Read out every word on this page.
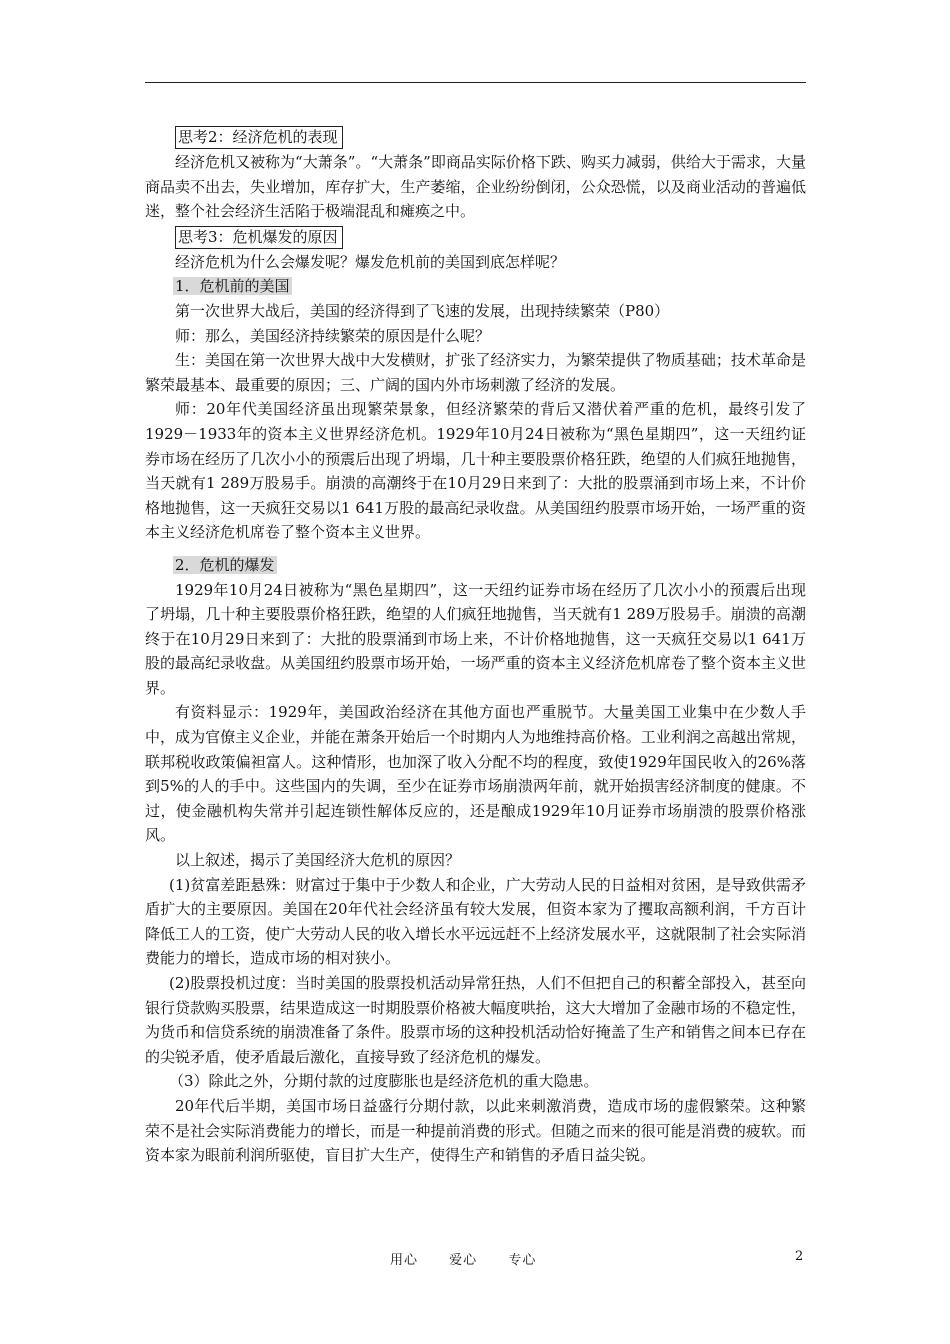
思考2：经济危机的表现

经济危机又被称为“大萧条”。“大萧条”即商品实际价格下跌、购买力减弱，供给大于需求，大量商品卖不出去，失业增加，库存扩大，生产萎缩，企业纷纷倒闭，公众恐慌，以及商业活动的普遍低迷，整个社会经济生活陷于极端混乱和瘫痪之中。

思考3：危机爆发的原因

经济危机为什么会爆发呢？爆发危机前的美国到底怎样呢？

1．危机前的美国

第一次世界大战后，美国的经济得到了飞速的发展，出现持续繁荣（P80）

师：那么，美国经济持续繁荣的原因是什么呢？

生：美国在第一次世界大战中大发横财，扩张了经济实力，为繁荣提供了物质基础；技术革命是繁荣最基本、最重要的原因；三、广阔的国内外市场刺激了经济的发展。

师：20年代美国经济虽出现繁荣景象，但经济繁荣的背后又潜伏着严重的危机，最终引发了1929－1933年的资本主义世界经济危机。1929年10月24日被称为“黑色星期四”，这一天纽约证券市场在经历了几次小小的预震后出现了坍塌，几十种主要股票价格狂跌，绝望的人们疯狂地抛售，当天就有1 289万股易手。崩溃的高潮终于在10月29日来到了：大批的股票涌到市场上来，不计价格地抛售，这一天疯狂交易以1 641万股的最高纪录收盘。从美国纽约股票市场开始，一场严重的资本主义经济危机席卷了整个资本主义世界。

2．危机的爆发

1929年10月24日被称为“黑色星期四”，这一天纽约证券市场在经历了几次小小的预震后出现了坍塌，几十种主要股票价格狂跌，绝望的人们疯狂地抛售，当天就有1 289万股易手。崩溃的高潮终于在10月29日来到了：大批的股票涌到市场上来，不计价格地抛售，这一天疯狂交易以1 641万股的最高纪录收盘。从美国纽约股票市场开始，一场严重的资本主义经济危机席卷了整个资本主义世界。

有资料显示：1929年，美国政治经济在其他方面也严重脱节。大量美国工业集中在少数人手中，成为官僚主义企业，并能在萧条开始后一个时期内人为地维持高价格。工业利润之高越出常规，联邦税收政策偏袒富人。这种情形，也加深了收入分配不均的程度，致使1929年国民收入的26%落到5%的人的手中。这些国内的失调，至少在证券市场崩溃两年前，就开始损害经济制度的健康。不过，使金融机构失常并引起连锁性解体反应的，还是酿成1929年10月证券市场崩溃的股票价格涨风。

以上叙述，揭示了美国经济大危机的原因？

(1)贫富差距悬殊：财富过于集中于少数人和企业，广大劳动人民的日益相对贫困，是导致供需矛盾扩大的主要原因。美国在20年代社会经济虽有较大发展，但资本家为了攫取高额利润，千方百计降低工人的工资，使广大劳动人民的收入增长水平远远赶不上经济发展水平，这就限制了社会实际消费能力的增长，造成市场的相对狭小。

(2)股票投机过度：当时美国的股票投机活动异常狂热，人们不但把自己的积蓄全部投入，甚至向银行贷款购买股票，结果造成这一时期股票价格被大幅度哄抬，这大大增加了金融市场的不稳定性，为货币和信贷系统的崩溃准备了条件。股票市场的这种投机活动恰好掩盖了生产和销售之间本已存在的尖锐矛盾，使矛盾最后激化，直接导致了经济危机的爆发。

（3）除此之外，分期付款的过度膨胀也是经济危机的重大隐患。

20年代后半期，美国市场日益盛行分期付款，以此来刺激消费，造成市场的虚假繁荣。这种繁荣不是社会实际消费能力的增长，而是一种提前消费的形式。但随之而来的很可能是消费的疲软。而资本家为眼前利润所驱使，盲目扩大生产，使得生产和销售的矛盾日益尖锐。

用心 爱心 专心	2
